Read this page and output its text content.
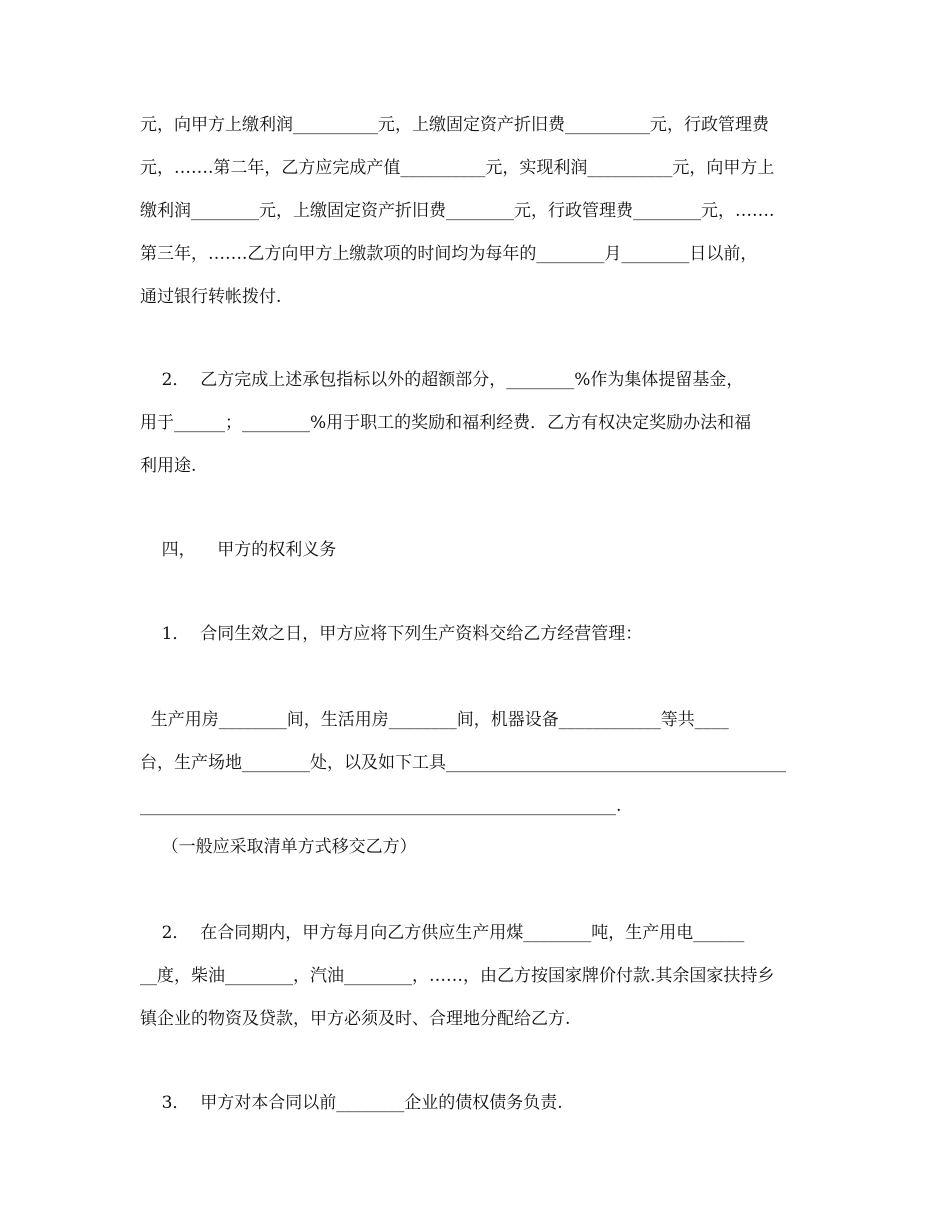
元，向甲方上缴利润__________元，上缴固定资产折旧费__________元，行政管理费
元，…….第二年，乙方应完成产值__________元，实现利润__________元，向甲方上
缴利润________元，上缴固定资产折旧费________元，行政管理费________元，…….
第三年，…….乙方向甲方上缴款项的时间均为每年的________月________日以前，
通过银行转帐拨付.
2．  乙方完成上述承包指标以外的超额部分，________%作为集体提留基金，
用于______；________%用于职工的奖励和福利经费．乙方有权决定奖励办法和福
利用途.
四，    甲方的权利义务
1．  合同生效之日，甲方应将下列生产资料交给乙方经营管理：
生产用房________间，生活用房________间，机器设备____________等共____
台，生产场地________处，以及如下工具________________________________________
________________________________________________________.
（一般应采取清单方式移交乙方）
2．  在合同期内，甲方每月向乙方供应生产用煤________吨，生产用电______
__度，柴油________，汽油________，……，由乙方按国家牌价付款.其余国家扶持乡
镇企业的物资及贷款，甲方必须及时、合理地分配给乙方.
3．  甲方对本合同以前________企业的债权债务负责.
